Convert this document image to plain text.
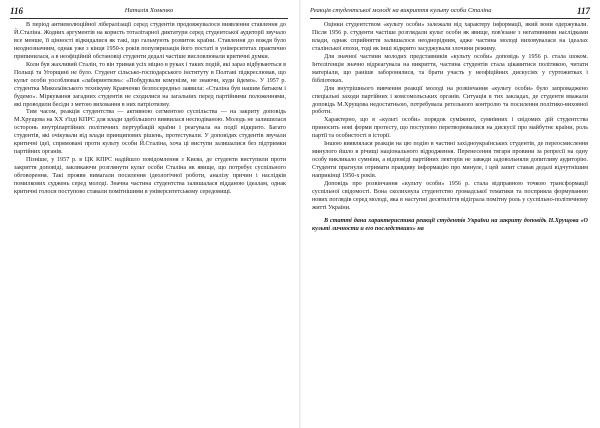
116	Наталія Хоменко

В період антиеволюційної лібералізації серед студентів продовжувалося виявлення ставлення до Й.Сталіна. Жодних аргументів на користь тоталітарної диктатури серед студентської аудиторії звучало все менше, її цінності відкидалися як такі, що гальмують розвиток країни. Ставлення до вождя було неоднозначним, однак уже з кінця 1950-х років популяризація його постаті в університетах практично припинилася, а в неофіційній обстановці студенти дедалі частіше висловлювали критичні думки.

Коли був жахливий Сталін, то він тримав усіх міцно в руках і таких подій, які зараз відбуваються в Польщі та Угорщині не було. Студент сільсько-господарського інституту в Полтаві підкреслював, що культ особи уособлював «лабиринтизм»: «Побудували комунізм, не знаючи, куди йдемо». У 1957 р. студентка Миколаївського технікуму Кравченко безпосередньо заявила: «Сталіна був нашим батьком і будемо». Міркування загадних студентів не сходилися на загальних перед партійними положеннями, які проводили бесіди з метою виховання в них патріотизму.

Тим часом, реакція студентства — активною сегментою суспільства — на закриту доповідь М.Хрущова на ХХ з'їзді КПРС для влади здебільшого виявилася несподіваною. Молодь не залишилася осторонь внутріпартійних політичних пертурбацій країни і реагувала на події відкрито. Багато студентів, які очікували від влади принципових рішень, протестували. У доповідях студентів звучали критичні ідеї, спрямовані проти культу особи Й.Сталіна, хоча ці виступи залишалися без підтримки партійних органів.

Пізніше, у 1957 р. в ЦК КПРС надійшло повідомлення з Києва, де студенти виступили проти закриття доповіді, закликаючи розглянути культ особи Сталіна як явище, що потребує суспільного обговорення. Такі прояви вимагали посилення ідеологічної роботи, аналізу причин і наслідків помилкових суджень серед молоді. Значна частина студентства залишалася відданою ідеалам, однак критичні голоси поступово ставали помітнішими в університетському середовищі.

Реакція студентської молоді на викриття культу особи Сталіна	117

Оцінки студентством «культу особи» залежали від характеру інформації, який вони одержували. Після 1956 р. студенти частіше розглядали культ особи як явище, пов'язане з негативними наслідками влади, однак сприйняття залишалося неоднорідним, адже частина молоді виховувалася на ідеалах сталінської епохи, тоді як інші відкрито засуджували злочини режиму.

Для значної частини молодих представників «культу особи» доповідь у 1956 р. стала шоком. Інтелігенція значно відреагувала на викриття, частина студентів стала цікавитися політикою, читати матеріали, що раніше заборонялися, та брати участь у неофіційних дискусіях у гуртожитках і бібліотеках.

Для внутрішнього вивчення реакції молоді на розвінчання «культу особи» було запроваджено спеціальні заходи партійних і комсомольських органів. Ситуація в тих закладах, де студенти вважали доповідь М.Хрущова недостатньою, потребувала ретельного контролю та посилення політико-виховної роботи.

Характерно, що в «культі особи» порядок суміжних, сумнівних і свідомих дій студентства приносить нові форми протесту, що поступово перетворювалися на дискусії про майбутнє країни, роль партії та особистості в історії.

Іншою виявлялася реакція на цю подію в частині західноукраїнських студентів, де переосмислення минулого йшло в річищі національного відродження. Перенесення тягаря провини за репресії на одну особу викликало сумніви, а відповіді партійних лекторів не завжди задовольняли допитливу аудиторію. Студенти прагнули отримати правдиву інформацію про минуле, і цей запит ставав дедалі відчутнішим наприкінці 1950-х років.

Доповідь про розвінчання «культу особи» 1956 р. стала відправною точкою трансформації суспільної свідомості. Вона сколихнула студентство громадської тематики та посприяла формуванню нових поглядів серед молоді, яка в наступні десятиліття відіграла помітну роль у суспільно-політичному житті України.

В статті дана характеристика реакції студентів України на закриту доповідь Н.Хрущова «О культі личности и его последствиях» на
